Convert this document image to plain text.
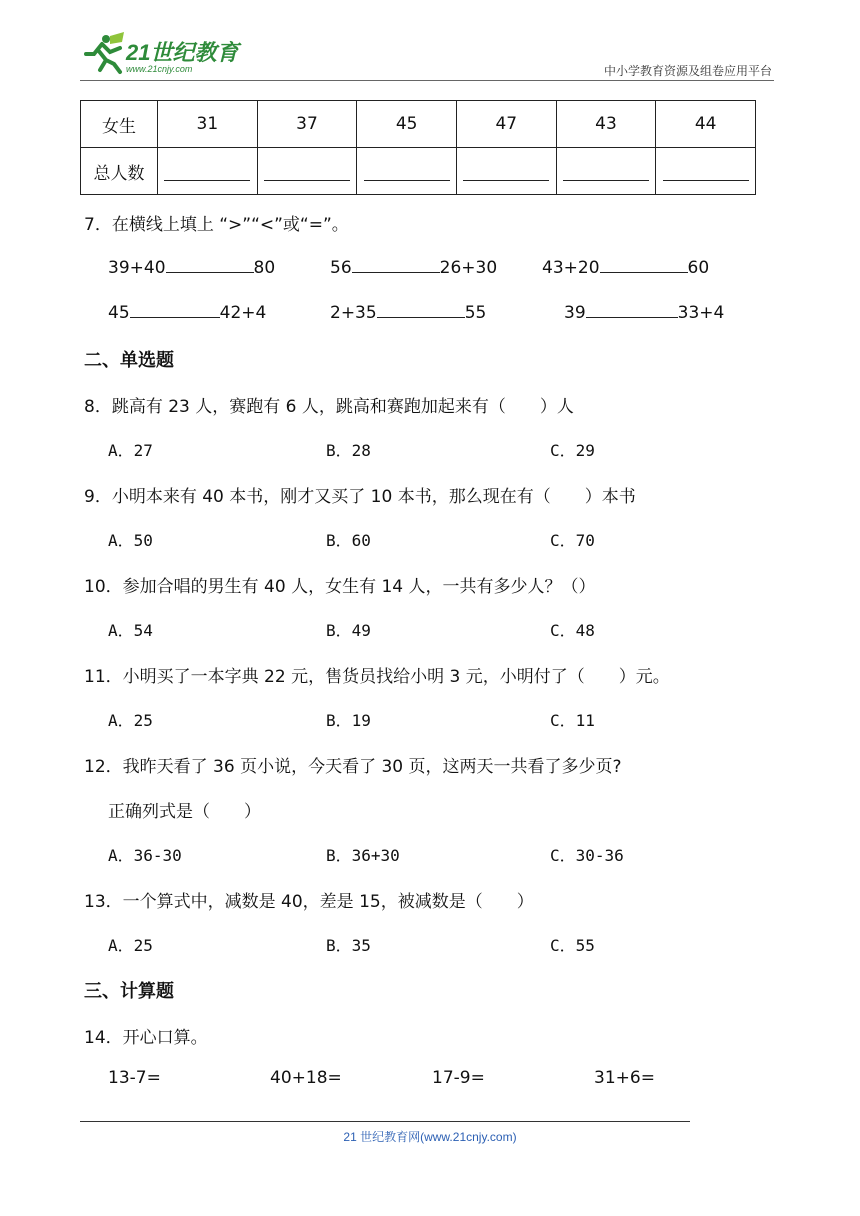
21世纪教育
www.21cnjy.com	中小学教育资源及组卷应用平台
女生	31	37	45	47	43	44
总人数						
7．在横线上填上 “>”“<”或“=”。
39+40	80	56	26+30	43+20	60
45	42+4	2+35	55	39	33+4
二、单选题
8．跳高有 23 人，赛跑有 6 人，跳高和赛跑加起来有（　　）人
A．27	B．28	C．29
9．小明本来有 40 本书，刚才又买了 10 本书，那么现在有（　　）本书
A．50	B．60	C．70
10．参加合唱的男生有 40 人，女生有 14 人，一共有多少人？（）
A．54	B．49	C．48
11．小明买了一本字典 22 元，售货员找给小明 3 元，小明付了（　　）元。
A．25	B．19	C．11
12．我昨天看了 36 页小说，今天看了 30 页，这两天一共看了多少页?
正确列式是（　　）
A．36-30	B．36+30	C．30-36
13．一个算式中，减数是 40，差是 15，被减数是（　　）
A．25	B．35	C．55
三、计算题
14．开心口算。
13-7=	40+18=	17-9=	31+6=
21 世纪教育网(www.21cnjy.com)
